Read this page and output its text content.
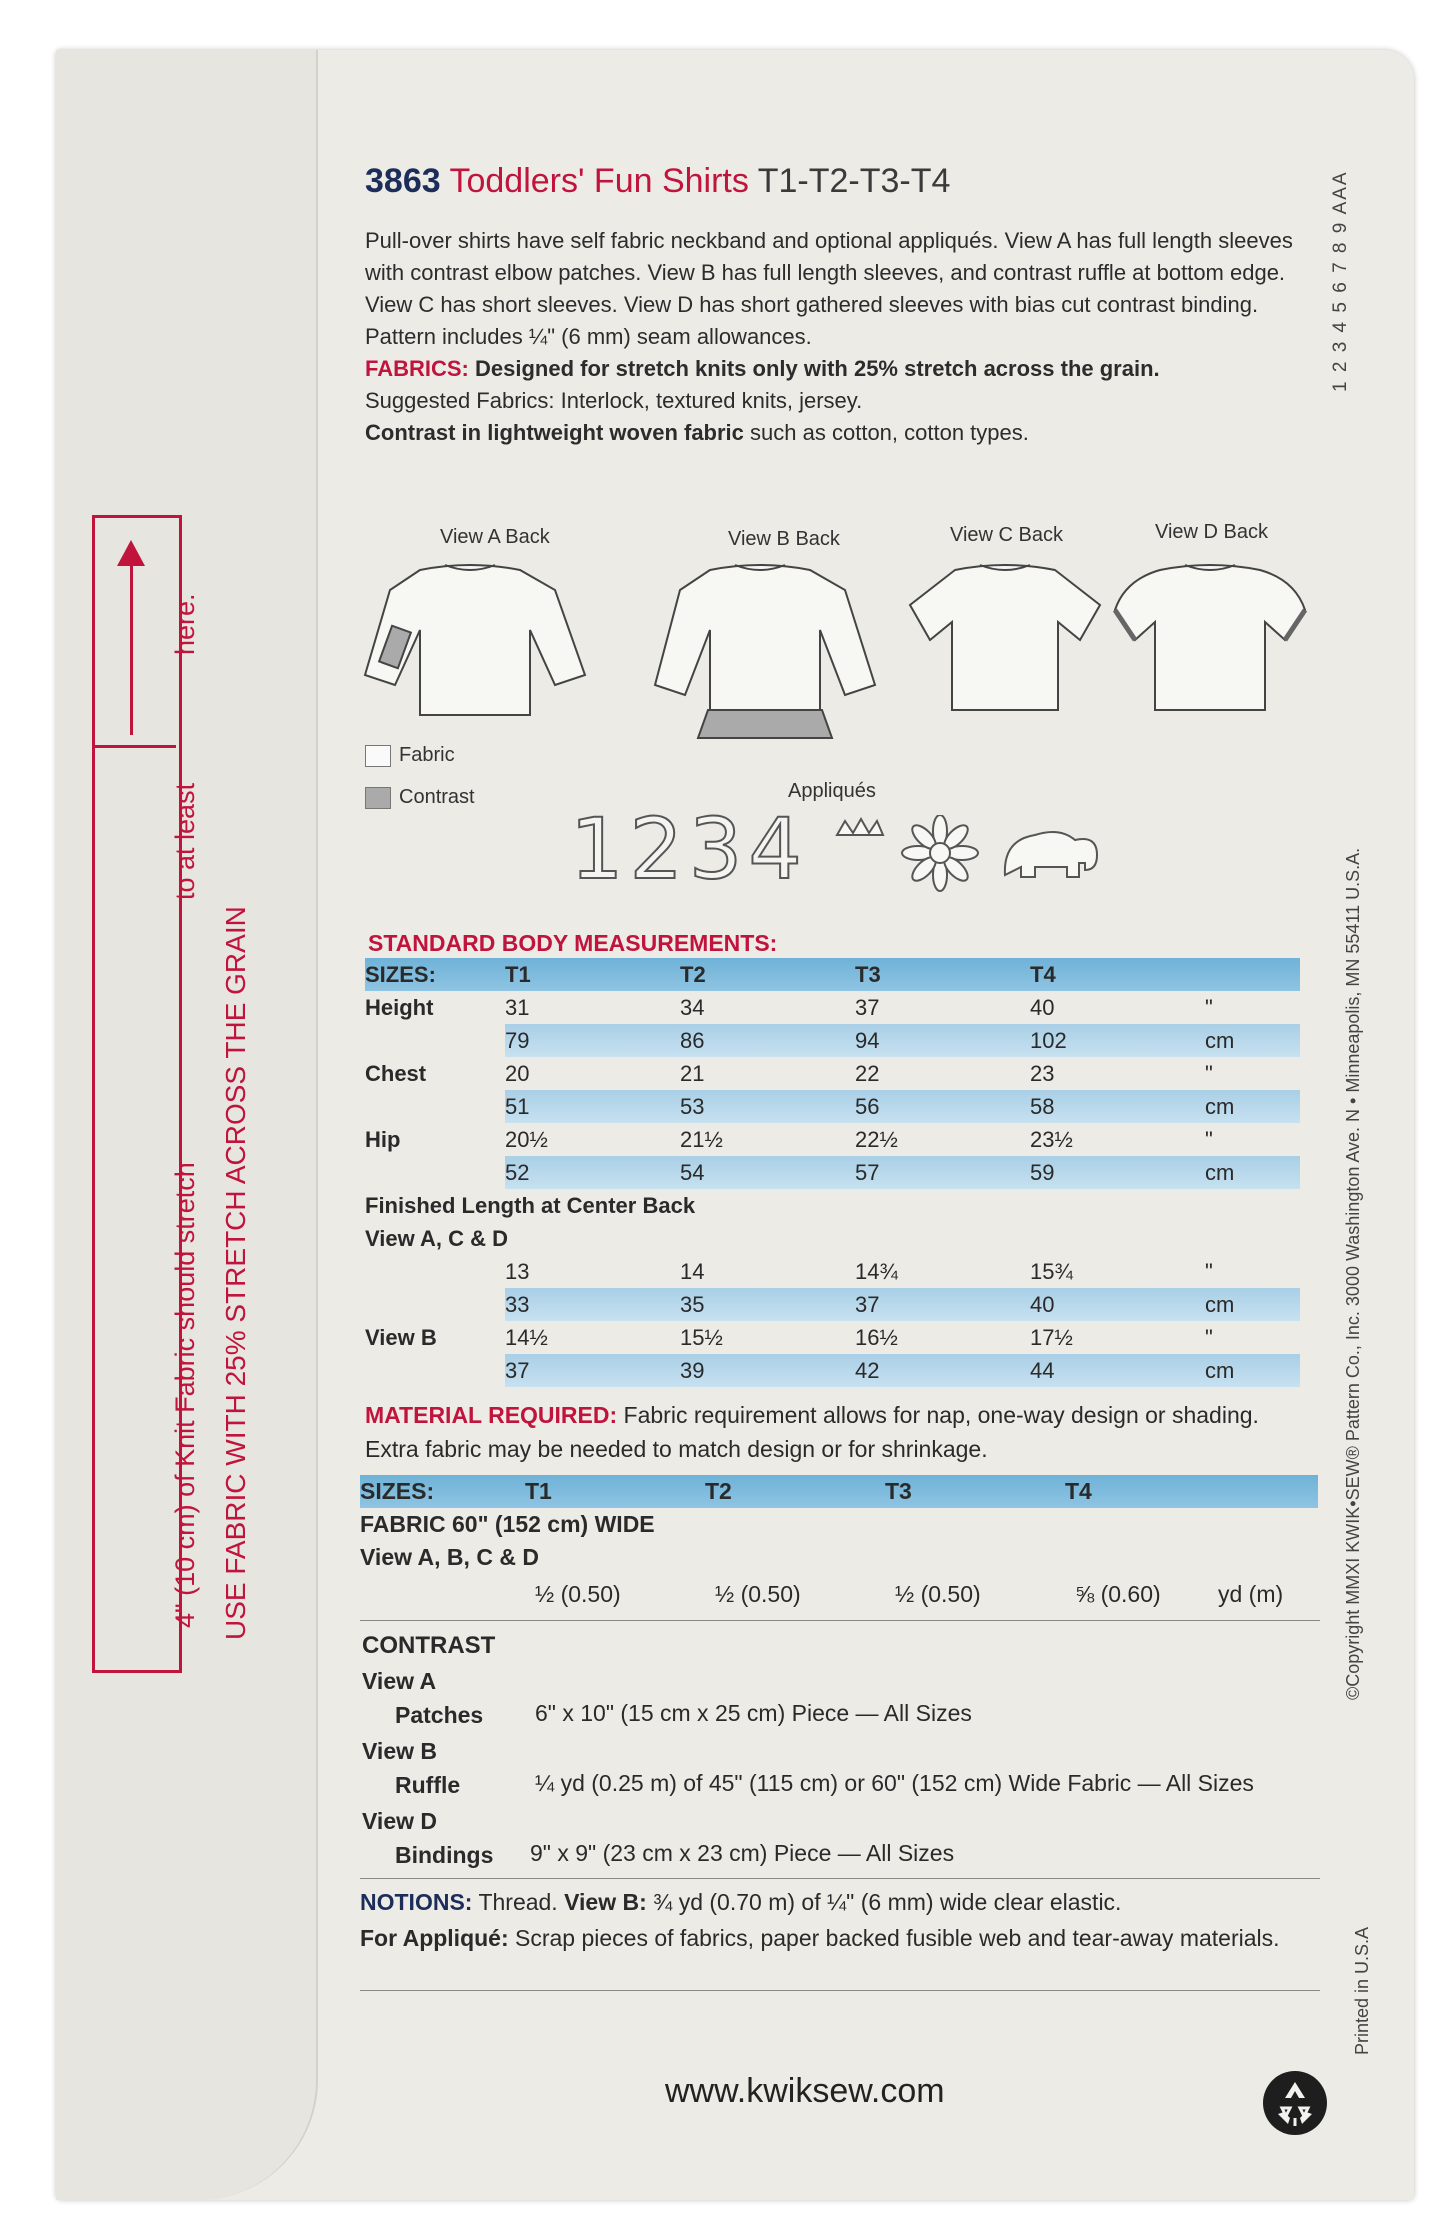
USE FABRIC WITH 25% STRETCH ACROSS THE GRAIN
4" (10 cm) of Knit Fabric should stretch
to at least
here.
3863 Toddlers' Fun Shirts T1-T2-T3-T4	1 2 3 4 5 6 7 8 9 AAA

Pull-over shirts have self fabric neckband and optional appliqués. View A has full length sleeves with contrast elbow patches. View B has full length sleeves, and contrast ruffle at bottom edge. View C has short sleeves. View D has short gathered sleeves with bias cut contrast binding.

Pattern includes ¼" (6 mm) seam allowances.

FABRICS: Designed for stretch knits only with 25% stretch across the grain.

Suggested Fabrics: Interlock, textured knits, jersey.

Contrast in lightweight woven fabric such as cotton, cotton types.

View A Back	View B Back	View C Back	View D Back
Fabric
Contrast	Appliqués
1234
STANDARD BODY MEASUREMENTS:
SIZES:	T1	T2	T3	T4	
Height	31	34	37	40	"
	79	86	94	102	cm
Chest	20	21	22	23	"
	51	53	56	58	cm
Hip	20½	21½	22½	23½	"
	52	54	57	59	cm
Finished Length at Center Back					
View A, C & D					
	13	14	14¾	15¾	"
	33	35	37	40	cm
View B	14½	15½	16½	17½	"
	37	39	42	44	cm
MATERIAL REQUIRED: Fabric requirement allows for nap, one-way design or shading. Extra fabric may be needed to match design or for shrinkage.
SIZES:	T1	T2	T3	T4	
FABRIC 60" (152 cm) WIDE					
View A, B, C & D					
	½ (0.50)	½ (0.50)	½ (0.50)	⅝ (0.60)	yd (m)
CONTRAST
View A
Patches 6" x 10" (15 cm x 25 cm) Piece — All Sizes
View B
Ruffle	¼ yd (0.25 m) of 45" (115 cm) or 60" (152 cm) Wide Fabric — All Sizes
View D
Bindings 9" x 9" (23 cm x 23 cm) Piece — All Sizes
NOTIONS: Thread. View B: ¾ yd (0.70 m) of ¼" (6 mm) wide clear elastic.
For Appliqué: Scrap pieces of fabrics, paper backed fusible web and tear-away materials.
©Copyright MMXI KWIK•SEW® Pattern Co., Inc. 3000 Washington Ave. N • Minneapolis, MN 55411 U.S.A.
Printed in U.S.A
www.kwiksew.com
